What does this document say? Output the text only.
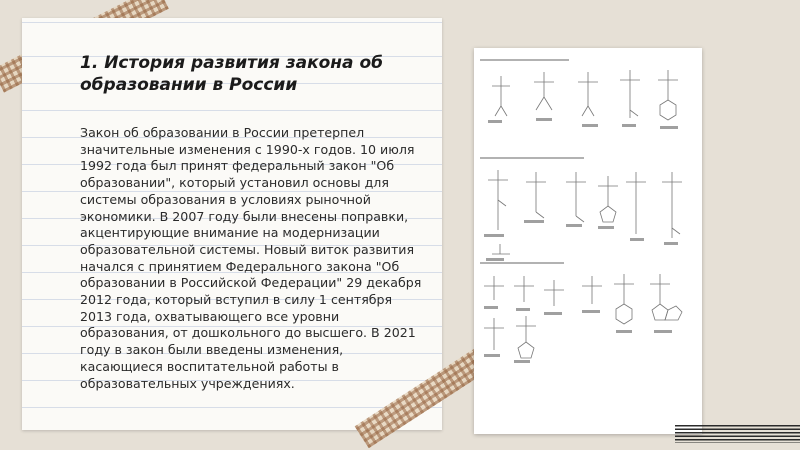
1. История развития закона об образовании в России

Закон об образовании в России претерпел значительные изменения с 1990-х годов. 10 июля 1992 года был принят федеральный закон "Об образовании", который установил основы для системы образования в условиях рыночной экономики. В 2007 году были внесены поправки, акцентирующие внимание на модернизации образовательной системы. Новый виток развития начался с принятием Федерального закона "Об образовании в Российской Федерации" 29 декабря 2012 года, который вступил в силу 1 сентября 2013 года, охватывающего все уровни образования, от дошкольного до высшего. В 2021 году в закон были введены изменения, касающиеся воспитательной работы в образовательных учреждениях.
